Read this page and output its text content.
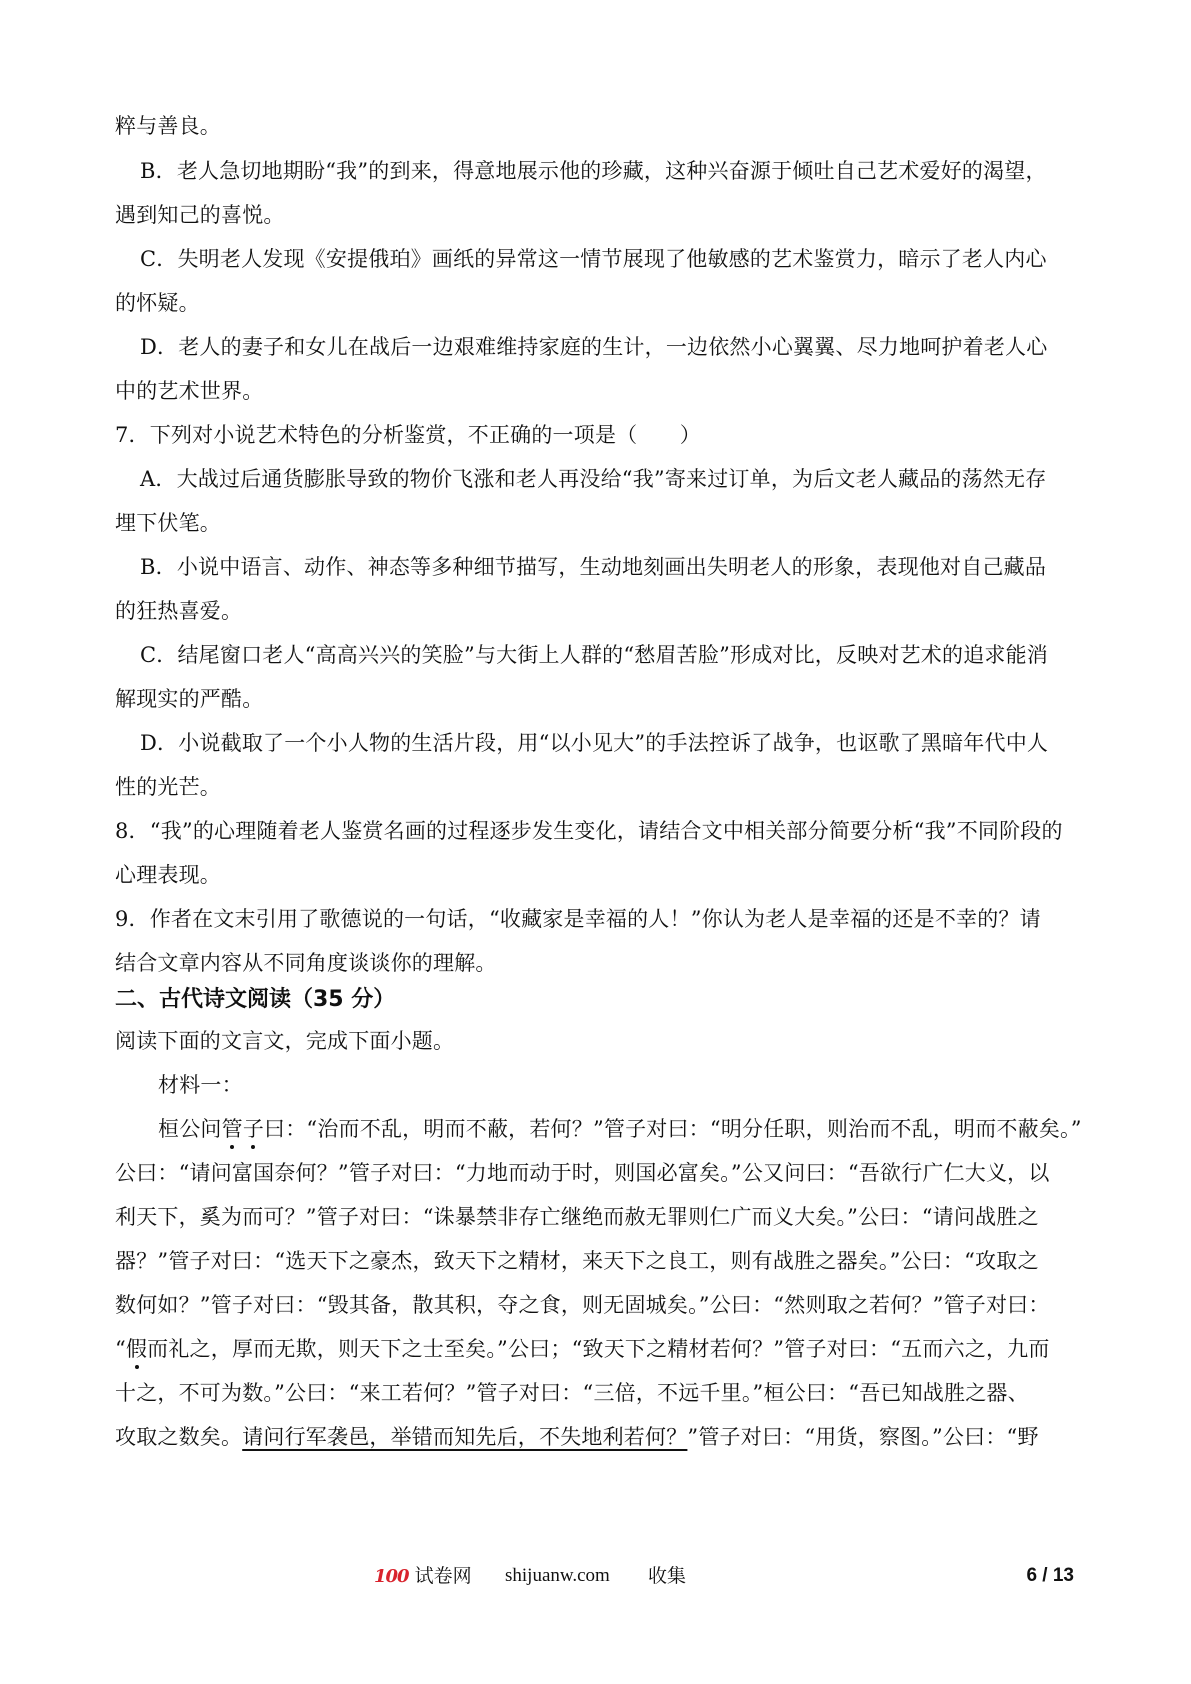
粹与善良。
B．老人急切地期盼“我”的到来，得意地展示他的珍藏，这种兴奋源于倾吐自己艺术爱好的渴望，
遇到知己的喜悦。
C．失明老人发现《安提俄珀》画纸的异常这一情节展现了他敏感的艺术鉴赏力，暗示了老人内心
的怀疑。
D．老人的妻子和女儿在战后一边艰难维持家庭的生计，一边依然小心翼翼、尽力地呵护着老人心
中的艺术世界。
7．下列对小说艺术特色的分析鉴赏，不正确的一项是（　　）
A．大战过后通货膨胀导致的物价飞涨和老人再没给“我”寄来过订单，为后文老人藏品的荡然无存
埋下伏笔。
B．小说中语言、动作、神态等多种细节描写，生动地刻画出失明老人的形象，表现他对自己藏品
的狂热喜爱。
C．结尾窗口老人“高高兴兴的笑脸”与大街上人群的“愁眉苦脸”形成对比，反映对艺术的追求能消
解现实的严酷。
D．小说截取了一个小人物的生活片段，用“以小见大”的手法控诉了战争，也讴歌了黑暗年代中人
性的光芒。
8．“我”的心理随着老人鉴赏名画的过程逐步发生变化，请结合文中相关部分简要分析“我”不同阶段的
心理表现。
9．作者在文末引用了歌德说的一句话，“收藏家是幸福的人！”你认为老人是幸福的还是不幸的？请
结合文章内容从不同角度谈谈你的理解。
二、古代诗文阅读（35 分）
阅读下面的文言文，完成下面小题。
材料一：
桓公问管子曰：“治而不乱，明而不蔽，若何？”管子对曰：“明分任职，则治而不乱，明而不蔽矣。”
公曰：“请问富国奈何？”管子对曰：“力地而动于时，则国必富矣。”公又问曰：“吾欲行广仁大义，以
利天下，奚为而可？”管子对曰：“诛暴禁非存亡继绝而赦无罪则仁广而义大矣。”公曰：“请问战胜之
器？”管子对曰：“选天下之豪杰，致天下之精材，来天下之良工，则有战胜之器矣。”公曰：“攻取之
数何如？”管子对曰：“毁其备，散其积，夺之食，则无固城矣。”公曰：“然则取之若何？”管子对曰：
“假而礼之，厚而无欺，则天下之士至矣。”公曰；“致天下之精材若何？”管子对曰：“五而六之，九而
十之，不可为数。”公曰：“来工若何？”管子对曰：“三倍，不远千里。”桓公曰：“吾已知战胜之器、
攻取之数矣。请问行军袭邑，举错而知先后，不失地利若何？”管子对曰：“用货，察图。”公曰：“野
100 试卷网 shijuanw.com 收集	6 / 13
